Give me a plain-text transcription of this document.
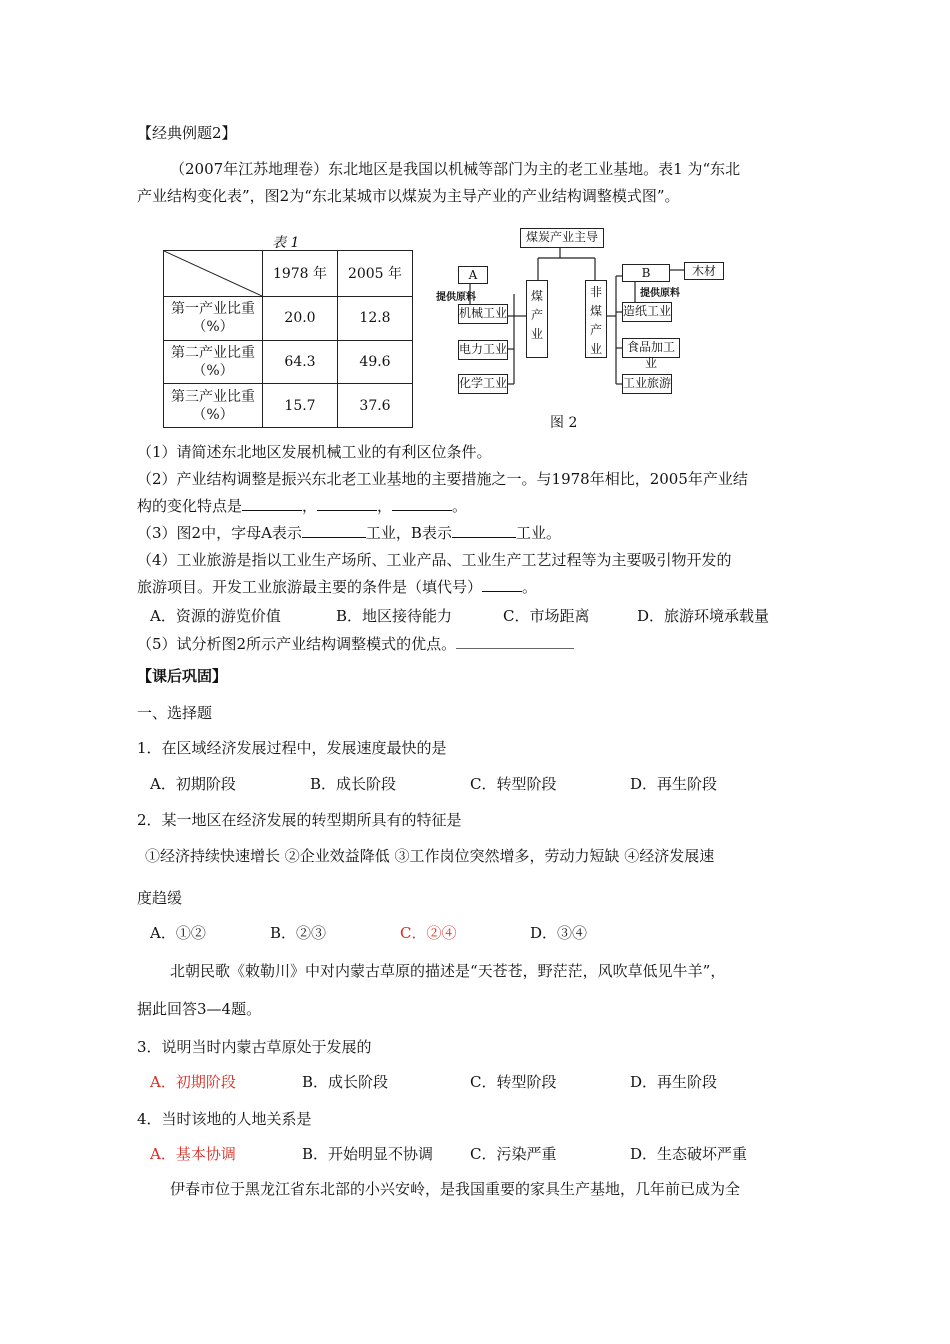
【经典例题2】
（2007年江苏地理卷）东北地区是我国以机械等部门为主的老工业基地。表1 为“东北
产业结构变化表”，图2为“东北某城市以煤炭为主导产业的产业结构调整模式图”。
表 1
	1978 年	2005 年

第一产业比重
（%）	20.0	12.8

第二产业比重
（%）	64.3	49.6

第三产业比重
（%）	15.7	37.6
煤炭产业主导
A
提供原料
机械工业
电力工业
化学工业
煤产业
非煤产业
B	木材
提供原料
造纸工业
食品加工业
工业旅游
图 2
（1）请简述东北地区发展机械工业的有利区位条件。
（2）产业结构调整是振兴东北老工业基地的主要措施之一。与1978年相比，2005年产业结
构的变化特点是	，	，	。
（3）图2中，字母A表示	工业，B表示	工业。
（4）工业旅游是指以工业生产场所、工业产品、工业生产工艺过程等为主要吸引物开发的
旅游项目。开发工业旅游最主要的条件是（填代号）	。
A．资源的游览价值	B．地区接待能力	C．市场距离	D．旅游环境承载量
（5）试分析图2所示产业结构调整模式的优点。
【课后巩固】
一、选择题
1．在区域经济发展过程中，发展速度最快的是
A．初期阶段	B．成长阶段	C．转型阶段	D．再生阶段
2．某一地区在经济发展的转型期所具有的特征是
①经济持续快速增长 ②企业效益降低 ③工作岗位突然增多，劳动力短缺 ④经济发展速
度趋缓
A．①②	B．②③	C．②④	D．③④
北朝民歌《敕勒川》中对内蒙古草原的描述是“天苍苍，野茫茫，风吹草低见牛羊”，
据此回答3—4题。
3．说明当时内蒙古草原处于发展的
A．初期阶段	B．成长阶段	C．转型阶段	D．再生阶段
4．当时该地的人地关系是
A．基本协调	B．开始明显不协调 C．污染严重	D．生态破坏严重
伊春市位于黑龙江省东北部的小兴安岭，是我国重要的家具生产基地，几年前已成为全
